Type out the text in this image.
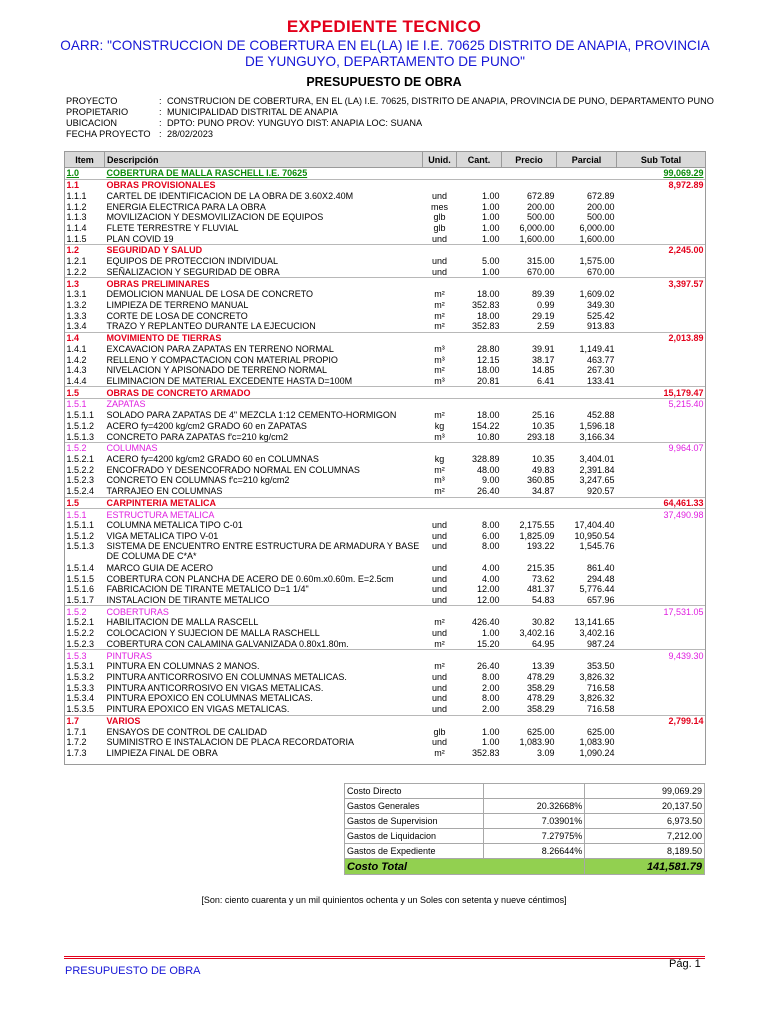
EXPEDIENTE TECNICO
OARR: "CONSTRUCCION DE COBERTURA EN EL(LA) IE I.E. 70625 DISTRITO DE ANAPIA, PROVINCIA DE YUNGUYO, DEPARTAMENTO DE PUNO"
PRESUPUESTO DE OBRA
PROYECTO	: CONSTRUCION DE COBERTURA, EN EL (LA) I.E. 70625, DISTRITO DE ANAPIA, PROVINCIA DE PUNO, DEPARTAMENTO PUNO
PROPIETARIO	: MUNICIPALIDAD DISTRITAL DE ANAPIA
UBICACION	: DPTO: PUNO PROV: YUNGUYO DIST: ANAPIA LOC: SUANA
FECHA PROYECTO : 28/02/2023
Item	Descripción	Unid.	Cant.	Precio	Parcial	Sub Total
1.0	COBERTURA DE MALLA RASCHELL I.E. 70625					99,069.29
1.1	OBRAS PROVISIONALES					8,972.89
1.1.1	CARTEL DE IDENTIFICACION DE LA OBRA DE 3.60X2.40M	und	1.00	672.89	672.89	
1.1.2	ENERGIA ELECTRICA PARA LA OBRA	mes	1.00	200.00	200.00	
1.1.3	MOVILIZACION Y DESMOVILIZACION DE EQUIPOS	glb	1.00	500.00	500.00	
1.1.4	FLETE TERRESTRE Y FLUVIAL	glb	1.00	6,000.00	6,000.00	
1.1.5	PLAN COVID 19	und	1.00	1,600.00	1,600.00	
1.2	SEGURIDAD Y SALUD					2,245.00
1.2.1	EQUIPOS DE PROTECCION INDIVIDUAL	und	5.00	315.00	1,575.00	
1.2.2	SEÑALIZACION Y SEGURIDAD DE OBRA	und	1.00	670.00	670.00	
1.3	OBRAS PRELIMINARES					3,397.57
1.3.1	DEMOLICION MANUAL DE LOSA DE CONCRETO	m²	18.00	89.39	1,609.02	
1.3.2	LIMPIEZA DE TERRENO MANUAL	m²	352.83	0.99	349.30	
1.3.3	CORTE DE LOSA DE CONCRETO	m²	18.00	29.19	525.42	
1.3.4	TRAZO Y REPLANTEO DURANTE LA EJECUCION	m²	352.83	2.59	913.83	
1.4	MOVIMIENTO DE TIERRAS					2,013.89
1.4.1	EXCAVACION PARA ZAPATAS EN TERRENO NORMAL	m³	28.80	39.91	1,149.41	
1.4.2	RELLENO Y COMPACTACION CON MATERIAL PROPIO	m³	12.15	38.17	463.77	
1.4.3	NIVELACION Y APISONADO DE TERRENO NORMAL	m²	18.00	14.85	267.30	
1.4.4	ELIMINACION DE MATERIAL EXCEDENTE HASTA D=100M	m³	20.81	6.41	133.41	
1.5	OBRAS DE CONCRETO ARMADO					15,179.47
1.5.1	ZAPATAS					5,215.40
1.5.1.1	SOLADO PARA ZAPATAS DE 4" MEZCLA 1:12 CEMENTO-HORMIGON	m²	18.00	25.16	452.88	
1.5.1.2	ACERO fy=4200 kg/cm2 GRADO 60 en ZAPATAS	kg	154.22	10.35	1,596.18	
1.5.1.3	CONCRETO PARA ZAPATAS f'c=210 kg/cm2	m³	10.80	293.18	3,166.34	
1.5.2	COLUMNAS					9,964.07
1.5.2.1	ACERO fy=4200 kg/cm2 GRADO 60 en COLUMNAS	kg	328.89	10.35	3,404.01	
1.5.2.2	ENCOFRADO Y DESENCOFRADO NORMAL EN COLUMNAS	m²	48.00	49.83	2,391.84	
1.5.2.3	CONCRETO EN COLUMNAS f'c=210 kg/cm2	m³	9.00	360.85	3,247.65	
1.5.2.4	TARRAJEO EN COLUMNAS	m²	26.40	34.87	920.57	
1.5	CARPINTERIA METALICA					64,461.33
1.5.1	ESTRUCTURA METALICA					37,490.98
1.5.1.1	COLUMNA METALICA TIPO C-01	und	8.00	2,175.55	17,404.40	
1.5.1.2	VIGA METALICA TIPO V-01	und	6.00	1,825.09	10,950.54	
1.5.1.3	SISTEMA DE ENCUENTRO ENTRE ESTRUCTURA DE ARMADURA Y BASE DE COLUMA DE C*A*	und	8.00	193.22	1,545.76	
1.5.1.4	MARCO GUIA DE ACERO	und	4.00	215.35	861.40	
1.5.1.5	COBERTURA CON PLANCHA DE ACERO DE 0.60m.x0.60m. E=2.5cm	und	4.00	73.62	294.48	
1.5.1.6	FABRICACION DE TIRANTE METALICO D=1 1/4"	und	12.00	481.37	5,776.44	
1.5.1.7	INSTALACION DE TIRANTE METALICO	und	12.00	54.83	657.96	
1.5.2	COBERTURAS					17,531.05
1.5.2.1	HABILITACION DE MALLA RASCELL	m²	426.40	30.82	13,141.65	
1.5.2.2	COLOCACION Y SUJECION DE MALLA RASCHELL	und	1.00	3,402.16	3,402.16	
1.5.2.3	COBERTURA CON CALAMINA GALVANIZADA 0.80x1.80m.	m²	15.20	64.95	987.24	
1.5.3	PINTURAS					9,439.30
1.5.3.1	PINTURA EN COLUMNAS 2 MANOS.	m²	26.40	13.39	353.50	
1.5.3.2	PINTURA ANTICORROSIVO EN COLUMNAS METALICAS.	und	8.00	478.29	3,826.32	
1.5.3.3	PINTURA ANTICORROSIVO EN VIGAS METALICAS.	und	2.00	358.29	716.58	
1.5.3.4	PINTURA EPOXICO EN COLUMNAS METALICAS.	und	8.00	478.29	3,826.32	
1.5.3.5	PINTURA EPOXICO EN VIGAS METALICAS.	und	2.00	358.29	716.58	
1.7	VARIOS					2,799.14
1.7.1	ENSAYOS DE CONTROL DE CALIDAD	glb	1.00	625.00	625.00	
1.7.2	SUMINISTRO E INSTALACION DE PLACA RECORDATORIA	und	1.00	1,083.90	1,083.90	
1.7.3	LIMPIEZA FINAL DE OBRA	m²	352.83	3.09	1,090.24	
Costo Directo		99,069.29
Gastos Generales	20.32668%	20,137.50
Gastos de Supervision	7.03901%	6,973.50
Gastos de Liquidacion	7.27975%	7,212.00
Gastos de Expediente	8.26644%	8,189.50
Costo Total		141,581.79
[Son: ciento cuarenta y un mil quinientos ochenta y un Soles con setenta y nueve céntimos]
PRESUPUESTO DE OBRA
Pág. 1
